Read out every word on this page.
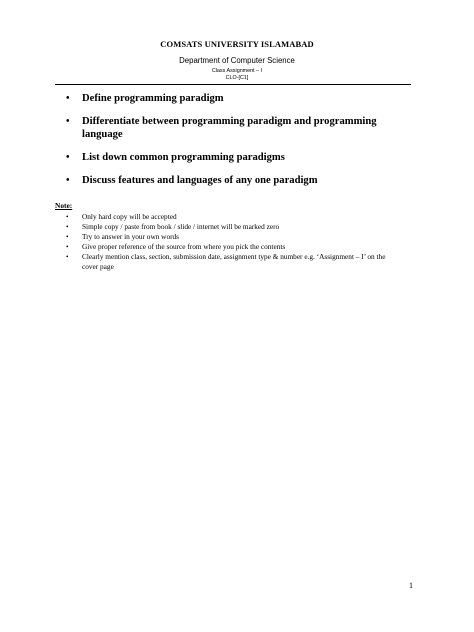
COMSATS UNIVERSITY ISLAMABAD
Department of Computer Science
Class Assignment – I
CLO-[C1]
• Define programming paradigm
• Differentiate between programming paradigm and programming language
• List down common programming paradigms
• Discuss features and languages of any one paradigm
Note:
• Only hard copy will be accepted
• Simple copy / paste from book / slide / internet will be marked zero
• Try to answer in your own words
• Give proper reference of the source from where you pick the contents
• Clearly mention class, section, submission date, assignment type & number e.g. ‘Assignment – I’ on the cover page
1
